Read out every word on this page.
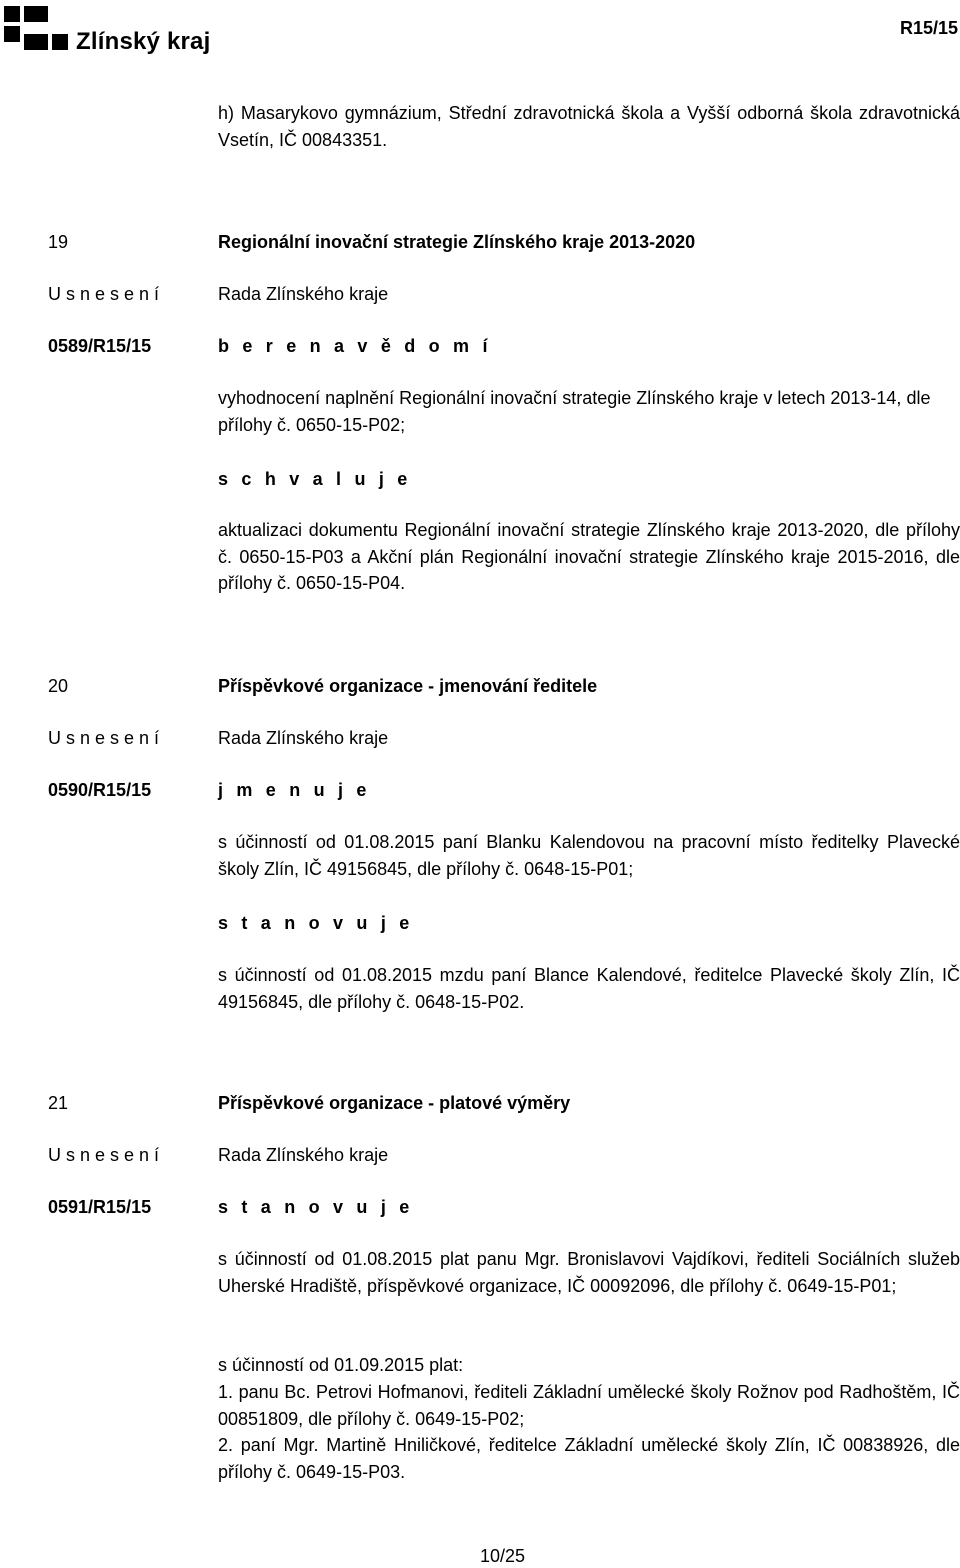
Zlínský kraj	R15/15
h) Masarykovo gymnázium, Střední zdravotnická škola a Vyšší odborná škola zdravotnická Vsetín, IČ 00843351.
19	Regionální inovační strategie Zlínského kraje 2013-2020
U s n e s e n í	Rada Zlínského kraje
0589/R15/15	b e r e n a v ě d o m í
vyhodnocení naplnění Regionální inovační strategie Zlínského kraje v letech 2013-14, dle přílohy č. 0650-15-P02;
s c h v a l u j e
aktualizaci dokumentu Regionální inovační strategie Zlínského kraje 2013-2020, dle přílohy č. 0650-15-P03 a Akční plán Regionální inovační strategie Zlínského kraje 2015-2016, dle přílohy č. 0650-15-P04.
20	Příspěvkové organizace - jmenování ředitele
U s n e s e n í	Rada Zlínského kraje
0590/R15/15	j m e n u j e
s účinností od 01.08.2015 paní Blanku Kalendovou na pracovní místo ředitelky Plavecké školy Zlín, IČ 49156845, dle přílohy č. 0648-15-P01;
s t a n o v u j e
s účinností od 01.08.2015 mzdu paní Blance Kalendové, ředitelce Plavecké školy Zlín, IČ 49156845, dle přílohy č. 0648-15-P02.
21	Příspěvkové organizace - platové výměry
U s n e s e n í	Rada Zlínského kraje
0591/R15/15	s t a n o v u j e
s účinností od 01.08.2015 plat panu Mgr. Bronislavovi Vajdíkovi, řediteli Sociálních služeb Uherské Hradiště, příspěvkové organizace, IČ 00092096, dle přílohy č. 0649-15-P01;
s účinností od 01.09.2015 plat:
1. panu Bc. Petrovi Hofmanovi, řediteli Základní umělecké školy Rožnov pod Radhoštěm, IČ 00851809, dle přílohy č. 0649-15-P02;
2. paní Mgr. Martině Hniličkové, ředitelce Základní umělecké školy Zlín, IČ 00838926, dle přílohy č. 0649-15-P03.
10/25
